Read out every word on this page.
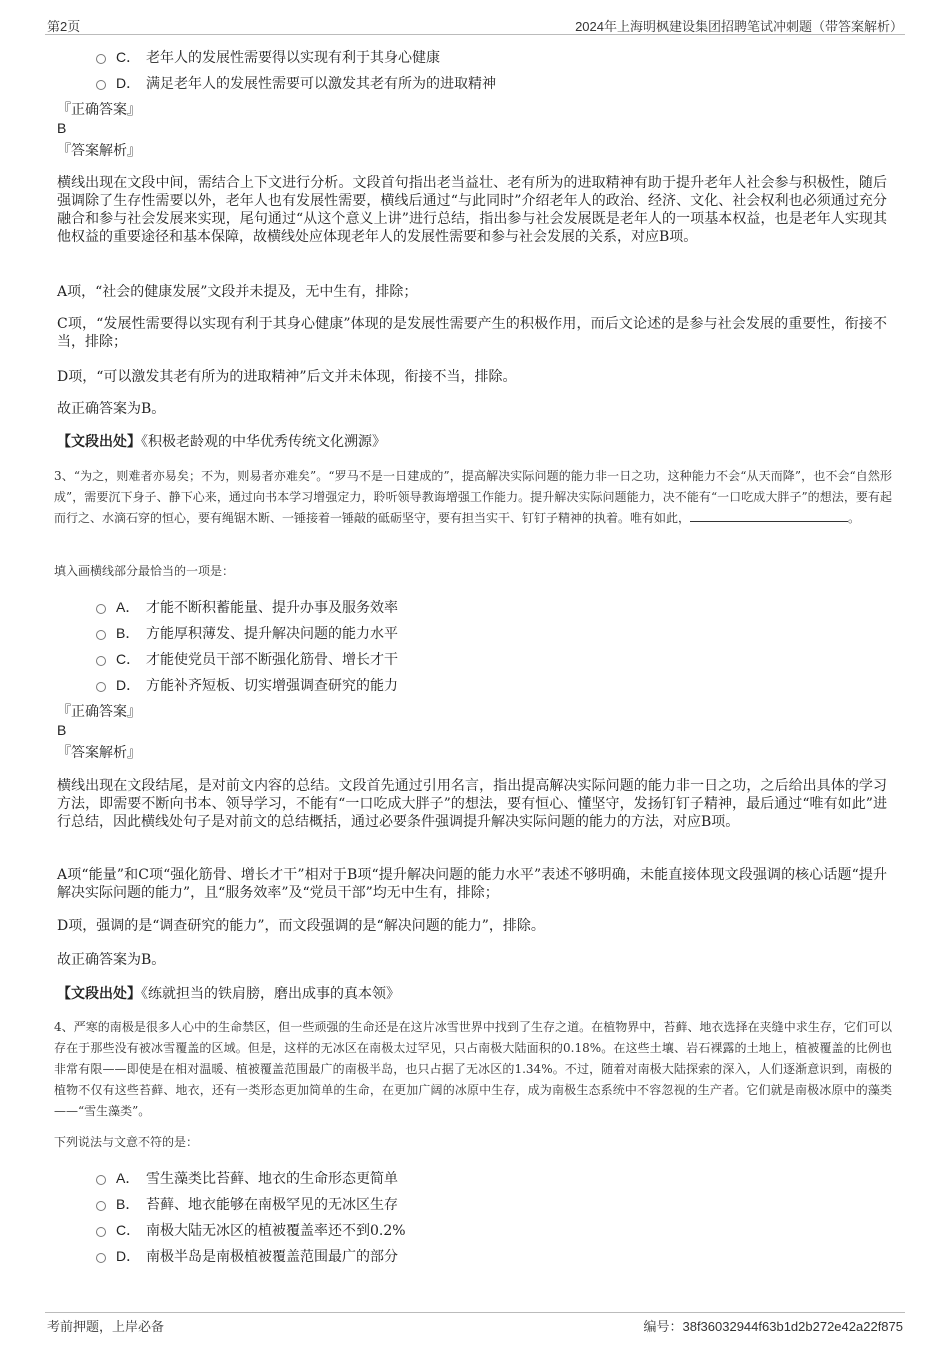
第2页	2024年上海明枫建设集团招聘笔试冲刺题（带答案解析）
C． 老年人的发展性需要得以实现有利于其身心健康
D． 满足老年人的发展性需要可以激发其老有所为的进取精神
『正确答案』
B
『答案解析』
横线出现在文段中间，需结合上下文进行分析。文段首句指出老当益壮、老有所为的进取精神有助于提升老年人社会参与积极性，随后强调除了生存性需要以外，老年人也有发展性需要，横线后通过“与此同时”介绍老年人的政治、经济、文化、社会权利也必须通过充分融合和参与社会发展来实现，尾句通过“从这个意义上讲”进行总结，指出参与社会发展既是老年人的一项基本权益，也是老年人实现其他权益的重要途径和基本保障，故横线处应体现老年人的发展性需要和参与社会发展的关系，对应B项。
A项，“社会的健康发展”文段并未提及，无中生有，排除；
C项，“发展性需要得以实现有利于其身心健康”体现的是发展性需要产生的积极作用，而后文论述的是参与社会发展的重要性，衔接不当，排除；
D项，“可以激发其老有所为的进取精神”后文并未体现，衔接不当，排除。
故正确答案为B。
【文段出处】《积极老龄观的中华优秀传统文化溯源》
3、“为之，则难者亦易矣；不为，则易者亦难矣”。“罗马不是一日建成的”，提高解决实际问题的能力非一日之功，这种能力不会“从天而降”，也不会“自然形成”，需要沉下身子、静下心来，通过向书本学习增强定力，聆听领导教诲增强工作能力。提升解决实际问题能力，决不能有“一口吃成大胖子”的想法，要有起而行之、水滴石穿的恒心，要有绳锯木断、一锤接着一锤敲的砥砺坚守，要有担当实干、钉钉子精神的执着。唯有如此，	。
填入画横线部分最恰当的一项是：
A． 才能不断积蓄能量、提升办事及服务效率
B． 方能厚积薄发、提升解决问题的能力水平
C． 才能使党员干部不断强化筋骨、增长才干
D． 方能补齐短板、切实增强调查研究的能力
『正确答案』
B
『答案解析』
横线出现在文段结尾，是对前文内容的总结。文段首先通过引用名言，指出提高解决实际问题的能力非一日之功，之后给出具体的学习方法，即需要不断向书本、领导学习，不能有“一口吃成大胖子”的想法，要有恒心、懂坚守，发扬钉钉子精神，最后通过“唯有如此”进行总结，因此横线处句子是对前文的总结概括，通过必要条件强调提升解决实际问题的能力的方法，对应B项。
A项“能量”和C项“强化筋骨、增长才干”相对于B项“提升解决问题的能力水平”表述不够明确，未能直接体现文段强调的核心话题“提升解决实际问题的能力”，且“服务效率”及“党员干部”均无中生有，排除；
D项，强调的是“调查研究的能力”，而文段强调的是“解决问题的能力”，排除。
故正确答案为B。
【文段出处】《练就担当的铁肩膀，磨出成事的真本领》
4、严寒的南极是很多人心中的生命禁区，但一些顽强的生命还是在这片冰雪世界中找到了生存之道。在植物界中，苔藓、地衣选择在夹缝中求生存，它们可以存在于那些没有被冰雪覆盖的区域。但是，这样的无冰区在南极太过罕见，只占南极大陆面积的0.18%。在这些土壤、岩石裸露的土地上，植被覆盖的比例也非常有限——即使是在相对温暖、植被覆盖范围最广的南极半岛，也只占据了无冰区的1.34%。不过，随着对南极大陆探索的深入，人们逐渐意识到，南极的植物不仅有这些苔藓、地衣，还有一类形态更加简单的生命，在更加广阔的冰原中生存，成为南极生态系统中不容忽视的生产者。它们就是南极冰原中的藻类——“雪生藻类”。
下列说法与文意不符的是：
A． 雪生藻类比苔藓、地衣的生命形态更简单
B． 苔藓、地衣能够在南极罕见的无冰区生存
C． 南极大陆无冰区的植被覆盖率还不到0.2%
D． 南极半岛是南极植被覆盖范围最广的部分
考前押题，上岸必备	编号：38f36032944f63b1d2b272e42a22f875
